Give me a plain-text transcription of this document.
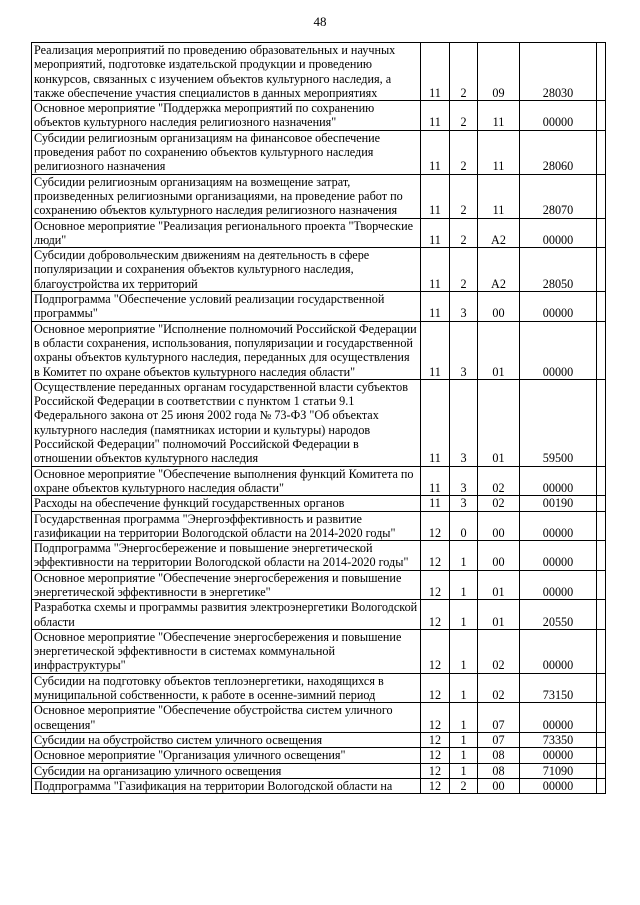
48
Реализация мероприятий по проведению образовательных и научных мероприятий, подготовке издательской продукции и проведению конкурсов, связанных с изучением объектов культурного наследия, а также обеспечение участия специалистов в данных мероприятиях	11	2	09	28030	
Основное мероприятие "Поддержка мероприятий по сохранению объектов культурного наследия религиозного назначения"	11	2	11	00000	
Субсидии религиозным организациям на финансовое обеспечение проведения работ по сохранению объектов культурного наследия религиозного назначения	11	2	11	28060	
Субсидии религиозным организациям на возмещение затрат, произведенных религиозными организациями, на проведение работ по сохранению объектов культурного наследия религиозного назначения	11	2	11	28070	
Основное мероприятие "Реализация регионального проекта "Творческие люди"	11	2	A2	00000	
Субсидии добровольческим движениям на деятельность в сфере популяризации и сохранения объектов культурного наследия, благоустройства их территорий	11	2	A2	28050	
Подпрограмма "Обеспечение условий реализации государственной программы"	11	3	00	00000	
Основное мероприятие "Исполнение полномочий Российской Федерации в области сохранения, использования, популяризации и государственной охраны объектов культурного наследия, переданных для осуществления в Комитет по охране объектов культурного наследия области"	11	3	01	00000	
Осуществление переданных органам государственной власти субъектов Российской Федерации в соответствии с пунктом 1 статьи 9.1 Федерального закона от 25 июня 2002 года № 73-ФЗ "Об объектах культурного наследия (памятниках истории и культуры) народов Российской Федерации" полномочий Российской Федерации в отношении объектов культурного наследия	11	3	01	59500	
Основное мероприятие "Обеспечение выполнения функций Комитета по охране объектов культурного наследия области"	11	3	02	00000	
Расходы на обеспечение функций государственных органов	11	3	02	00190	
Государственная программа "Энергоэффективность и развитие газификации на территории Вологодской области на 2014-2020 годы"	12	0	00	00000	
Подпрограмма "Энергосбережение и повышение энергетической эффективности на территории Вологодской области на 2014-2020 годы"	12	1	00	00000	
Основное мероприятие "Обеспечение энергосбережения и повышение энергетической эффективности в энергетике"	12	1	01	00000	
Разработка схемы и программы развития электроэнергетики Вологодской области	12	1	01	20550	
Основное мероприятие "Обеспечение энергосбережения и повышение энергетической эффективности в системах коммунальной инфраструктуры"	12	1	02	00000	
Субсидии на подготовку объектов теплоэнергетики, находящихся в муниципальной собственности, к работе в осенне-зимний период	12	1	02	73150	
Основное мероприятие "Обеспечение обустройства систем уличного освещения"	12	1	07	00000	
Субсидии на обустройство систем уличного освещения	12	1	07	73350	
Основное мероприятие "Организация уличного освещения"	12	1	08	00000	
Субсидии на организацию уличного освещения	12	1	08	71090	
Подпрограмма "Газификация на территории Вологодской области на	12	2	00	00000	
